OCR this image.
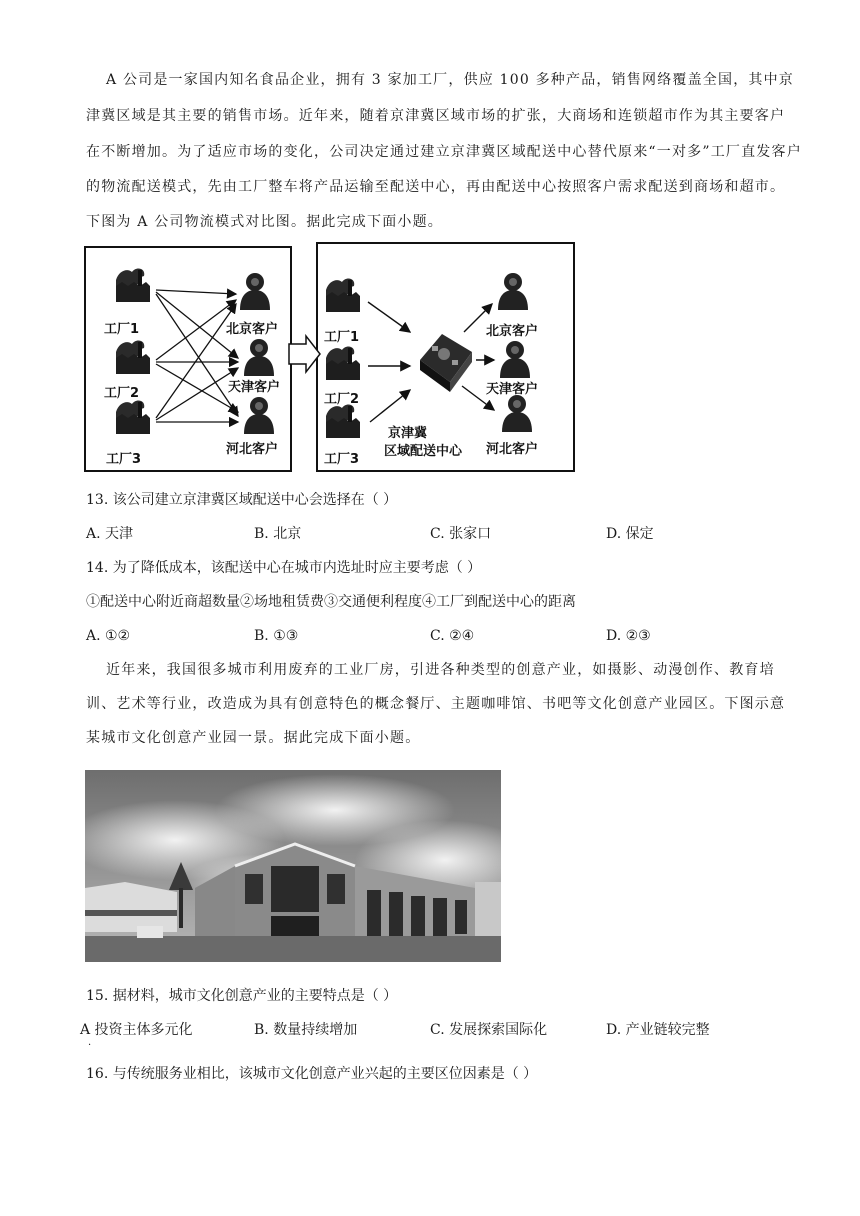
A 公司是一家国内知名食品企业，拥有 3 家加工厂，供应 100 多种产品，销售网络覆盖全国，其中京
津冀区域是其主要的销售市场。近年来，随着京津冀区域市场的扩张，大商场和连锁超市作为其主要客户
在不断增加。为了适应市场的变化，公司决定通过建立京津冀区域配送中心替代原来“一对多”工厂直发客户
的物流配送模式，先由工厂整车将产品运输至配送中心，再由配送中心按照客户需求配送到商场和超市。
下图为 A 公司物流模式对比图。据此完成下面小题。
工厂1
工厂2
工厂3
北京客户
天津客户
河北客户
工厂1
工厂2
工厂3
北京客户
天津客户
河北客户
京津冀
区域配送中心
13. 该公司建立京津冀区域配送中心会选择在（ ）
A. 天津	B. 北京	C. 张家口	D. 保定
14. 为了降低成本，该配送中心在城市内选址时应主要考虑（ ）
①配送中心附近商超数量②场地租赁费③交通便利程度④工厂到配送中心的距离
A. ①②	B. ①③	C. ②④	D. ②③
近年来，我国很多城市利用废弃的工业厂房，引进各种类型的创意产业，如摄影、动漫创作、教育培
训、艺术等行业，改造成为具有创意特色的概念餐厅、主题咖啡馆、书吧等文化创意产业园区。下图示意
某城市文化创意产业园一景。据此完成下面小题。
15. 据材料，城市文化创意产业的主要特点是（ ）
A 投资主体多元化
·
B. 数量持续增加	C. 发展探索国际化	D. 产业链较完整
16. 与传统服务业相比，该城市文化创意产业兴起的主要区位因素是（ ）
